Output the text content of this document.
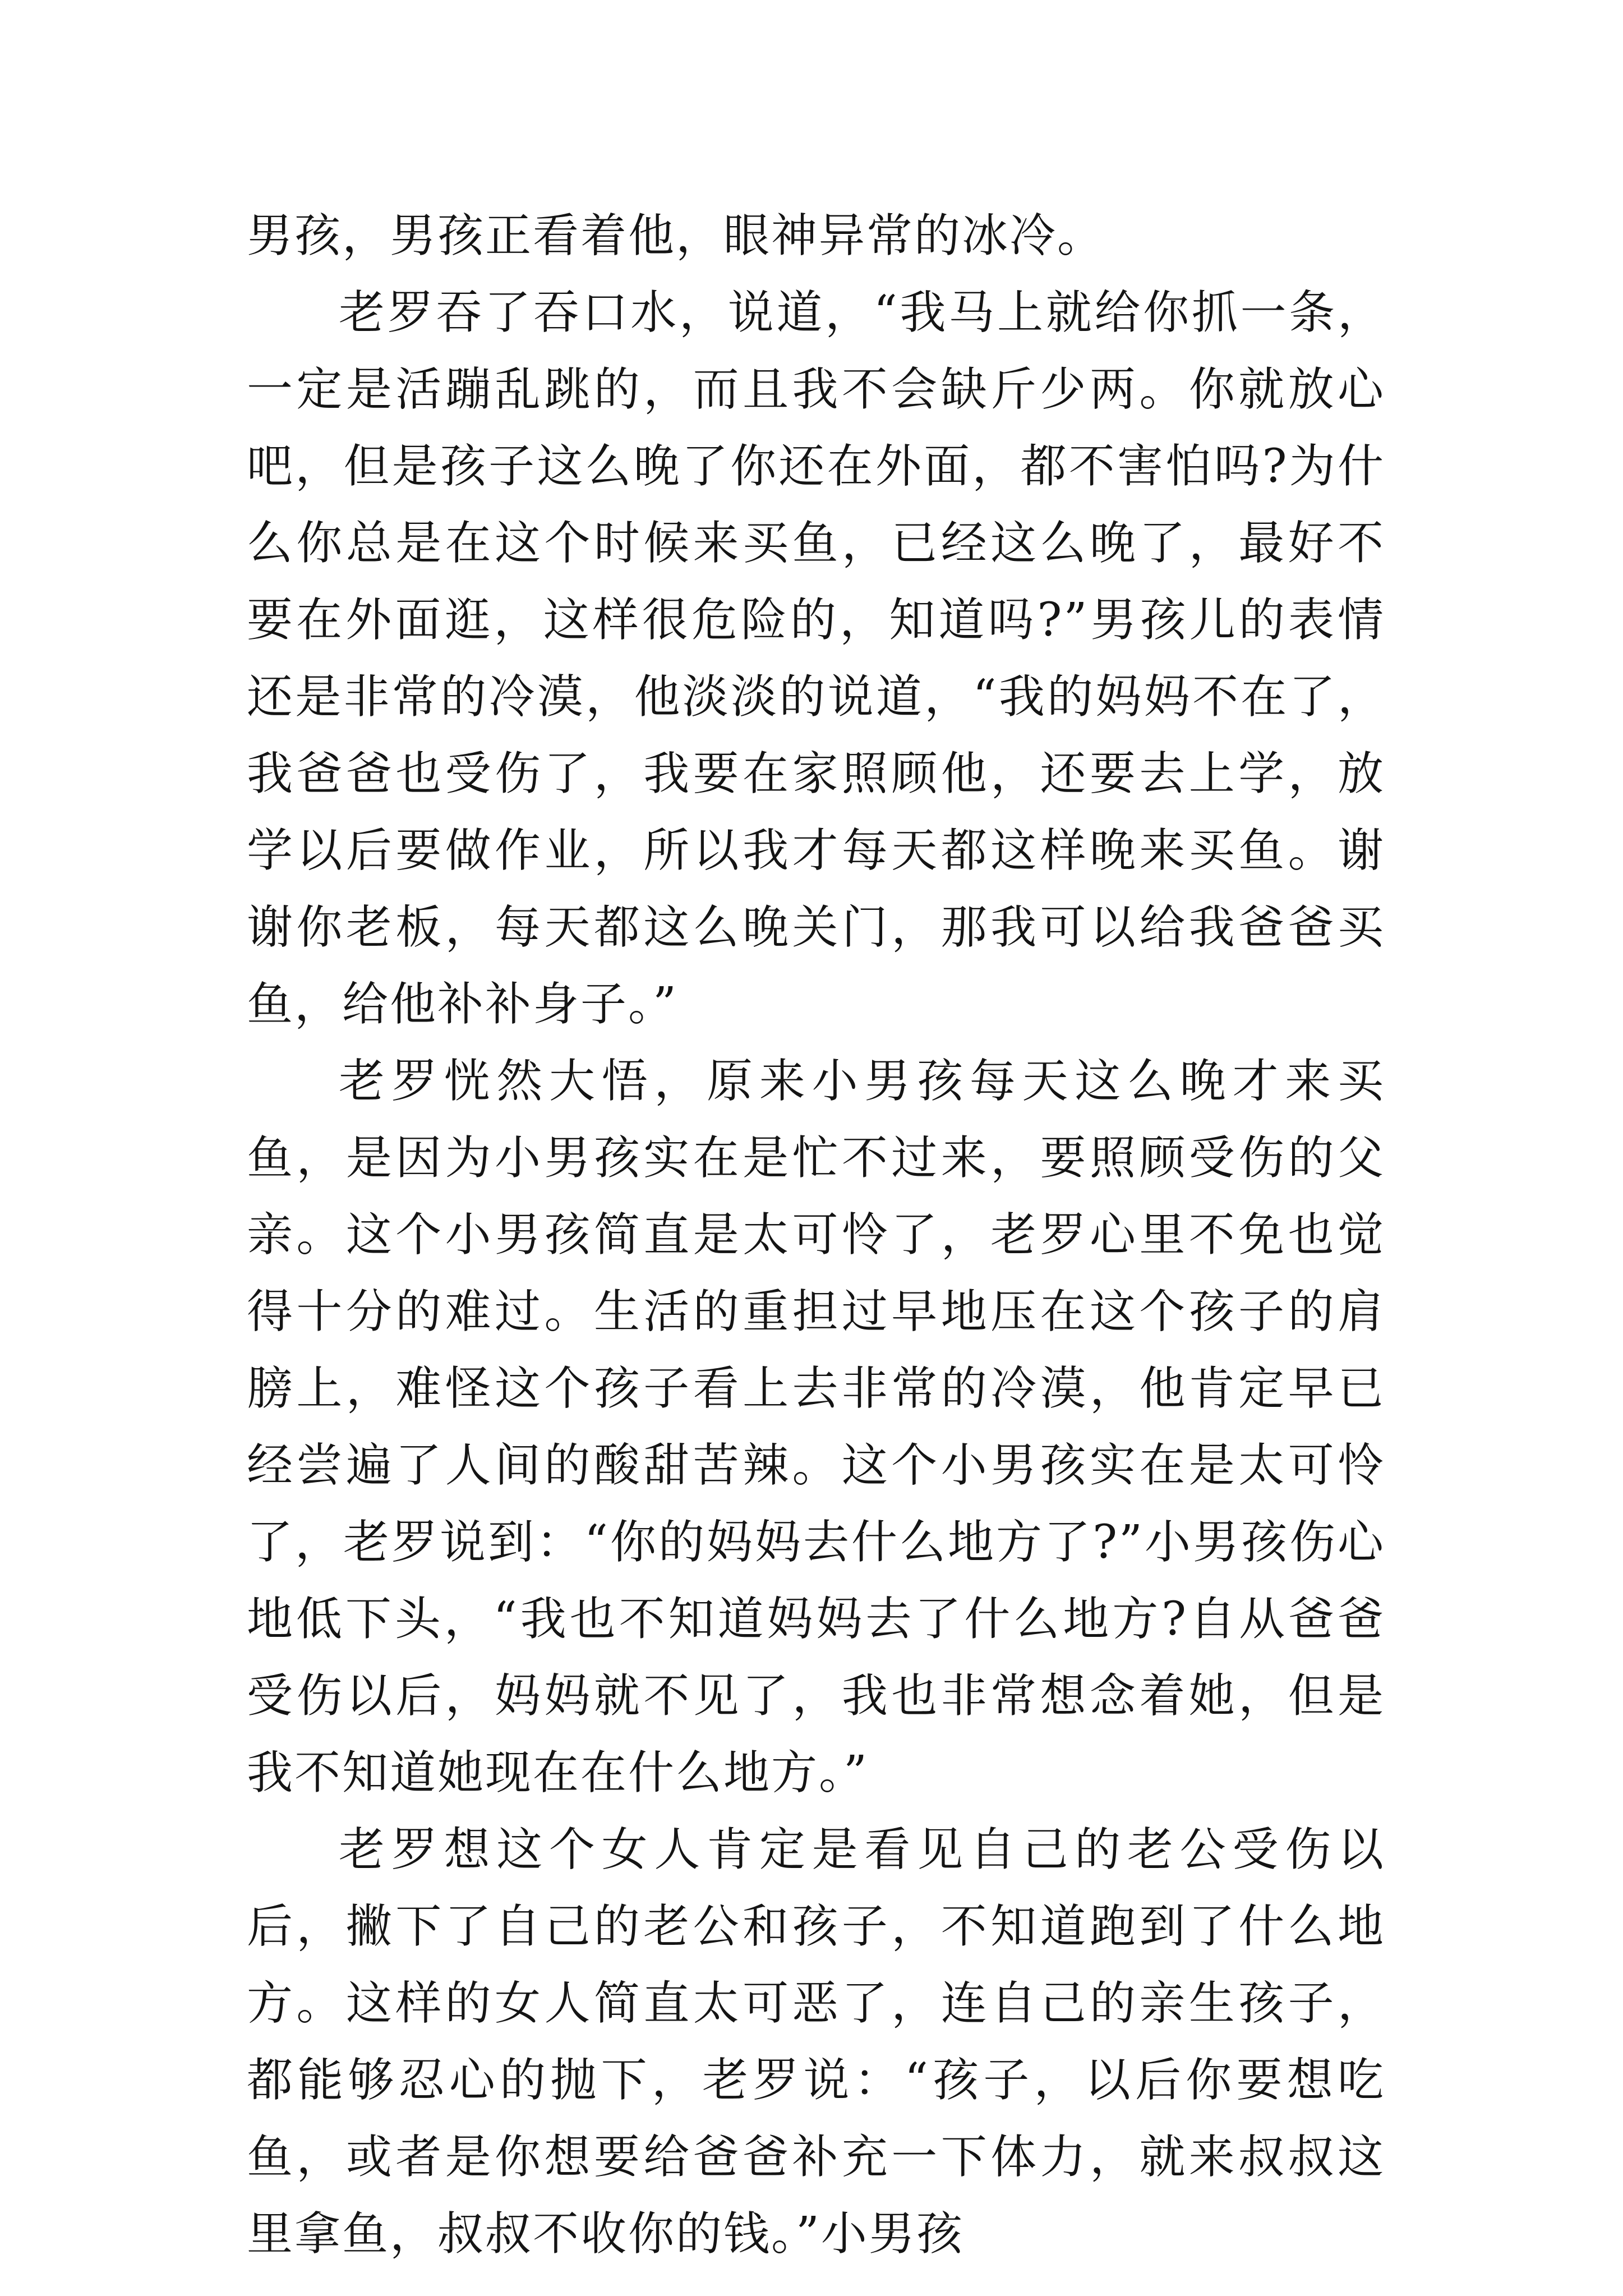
男孩，男孩正看着他，眼神异常的冰冷。

老罗吞了吞口水，说道，“我马上就给你抓一条，一定是活蹦乱跳的，而且我不会缺斤少两。你就放心吧，但是孩子这么晚了你还在外面，都不害怕吗?为什么你总是在这个时候来买鱼，已经这么晚了，最好不要在外面逛，这样很危险的，知道吗?”男孩儿的表情还是非常的冷漠，他淡淡的说道，“我的妈妈不在了，我爸爸也受伤了，我要在家照顾他，还要去上学，放学以后要做作业，所以我才每天都这样晚来买鱼。谢谢你老板，每天都这么晚关门，那我可以给我爸爸买鱼，给他补补身子。”

老罗恍然大悟，原来小男孩每天这么晚才来买鱼，是因为小男孩实在是忙不过来，要照顾受伤的父亲。这个小男孩简直是太可怜了，老罗心里不免也觉得十分的难过。生活的重担过早地压在这个孩子的肩膀上，难怪这个孩子看上去非常的冷漠，他肯定早已经尝遍了人间的酸甜苦辣。这个小男孩实在是太可怜了，老罗说到：“你的妈妈去什么地方了?”小男孩伤心地低下头，“我也不知道妈妈去了什么地方?自从爸爸受伤以后，妈妈就不见了，我也非常想念着她，但是我不知道她现在在什么地方。”

老罗想这个女人肯定是看见自己的老公受伤以后，撇下了自己的老公和孩子，不知道跑到了什么地方。这样的女人简直太可恶了，连自己的亲生孩子，都能够忍心的抛下，老罗说：“孩子，以后你要想吃鱼，或者是你想要给爸爸补充一下体力，就来叔叔这里拿鱼，叔叔不收你的钱。”小男孩
